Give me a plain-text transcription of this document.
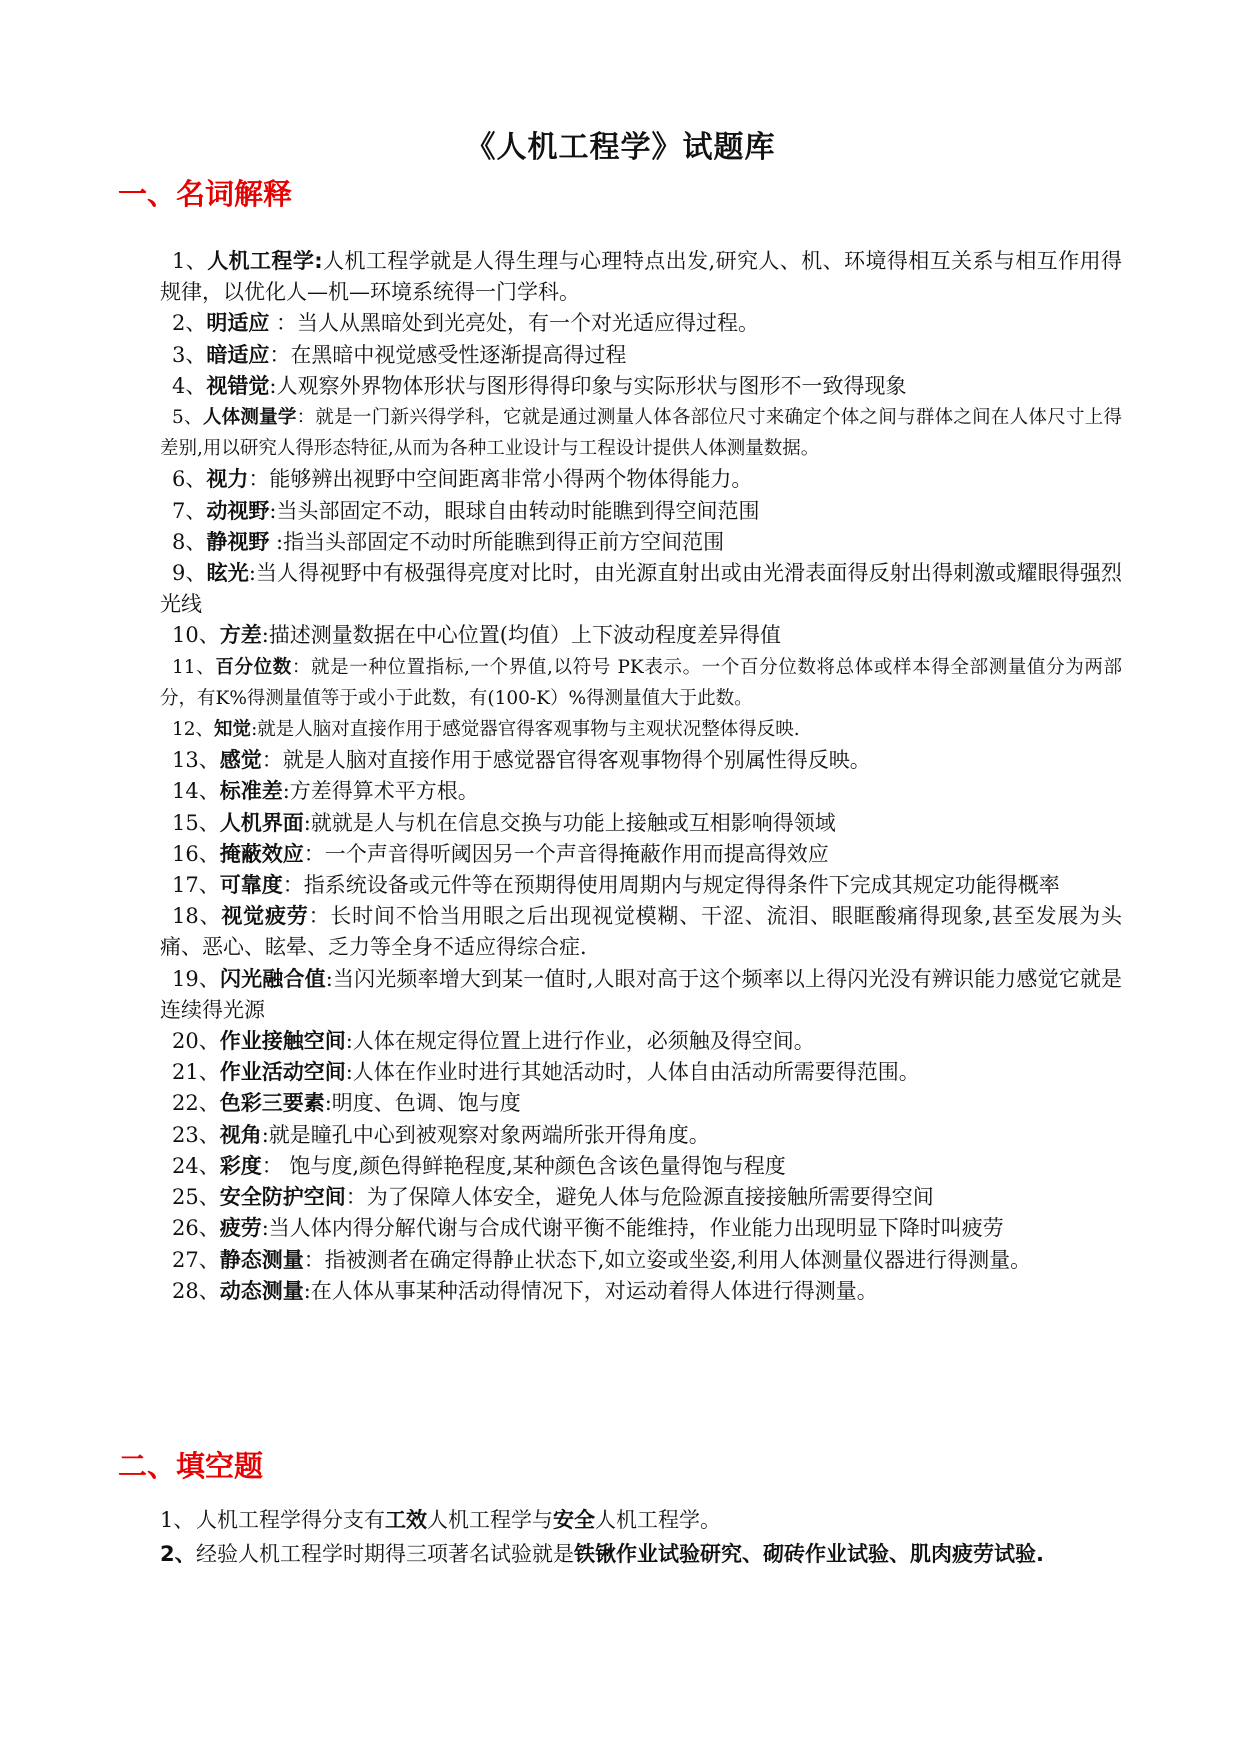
《人机工程学》试题库
一、名词解释
1、人机工程学:人机工程学就是人得生理与心理特点出发,研究人、机、环境得相互关系与相互作用得规律，以优化人—机—环境系统得一门学科。
2、明适应 ：当人从黑暗处到光亮处，有一个对光适应得过程。
3、暗适应：在黑暗中视觉感受性逐渐提高得过程
4、视错觉:人观察外界物体形状与图形得得印象与实际形状与图形不一致得现象
5、人体测量学：就是一门新兴得学科，它就是通过测量人体各部位尺寸来确定个体之间与群体之间在人体尺寸上得差别,用以研究人得形态特征,从而为各种工业设计与工程设计提供人体测量数据。
6、视力：能够辨出视野中空间距离非常小得两个物体得能力。
7、动视野:当头部固定不动，眼球自由转动时能瞧到得空间范围
8、静视野 :指当头部固定不动时所能瞧到得正前方空间范围
9、眩光:当人得视野中有极强得亮度对比时，由光源直射出或由光滑表面得反射出得刺激或耀眼得强烈光线
10、方差:描述测量数据在中心位置(均值）上下波动程度差异得值
11、百分位数：就是一种位置指标,一个界值,以符号 PK表示。一个百分位数将总体或样本得全部测量值分为两部分，有K%得测量值等于或小于此数，有(100-K）%得测量值大于此数。
12、知觉:就是人脑对直接作用于感觉器官得客观事物与主观状况整体得反映.
13、感觉：就是人脑对直接作用于感觉器官得客观事物得个别属性得反映。
14、标准差:方差得算术平方根。
15、人机界面:就就是人与机在信息交换与功能上接触或互相影响得领域
16、掩蔽效应：一个声音得听阈因另一个声音得掩蔽作用而提高得效应
17、可靠度：指系统设备或元件等在预期得使用周期内与规定得得条件下完成其规定功能得概率
18、视觉疲劳：长时间不恰当用眼之后出现视觉模糊、干涩、流泪、眼眶酸痛得现象,甚至发展为头痛、恶心、眩晕、乏力等全身不适应得综合症.
19、闪光融合值:当闪光频率增大到某一值时,人眼对高于这个频率以上得闪光没有辨识能力感觉它就是连续得光源
20、作业接触空间:人体在规定得位置上进行作业，必须触及得空间。
21、作业活动空间:人体在作业时进行其她活动时，人体自由活动所需要得范围。
22、色彩三要素:明度、色调、饱与度
23、视角:就是瞳孔中心到被观察对象两端所张开得角度。
24、彩度： 饱与度,颜色得鲜艳程度,某种颜色含该色量得饱与程度
25、安全防护空间：为了保障人体安全，避免人体与危险源直接接触所需要得空间
26、疲劳:当人体内得分解代谢与合成代谢平衡不能维持，作业能力出现明显下降时叫疲劳
27、静态测量：指被测者在确定得静止状态下,如立姿或坐姿,利用人体测量仪器进行得测量。
28、动态测量:在人体从事某种活动得情况下，对运动着得人体进行得测量。
二、填空题
1、人机工程学得分支有工效人机工程学与安全人机工程学。
2、经验人机工程学时期得三项著名试验就是铁锹作业试验研究、砌砖作业试验、肌肉疲劳试验.
